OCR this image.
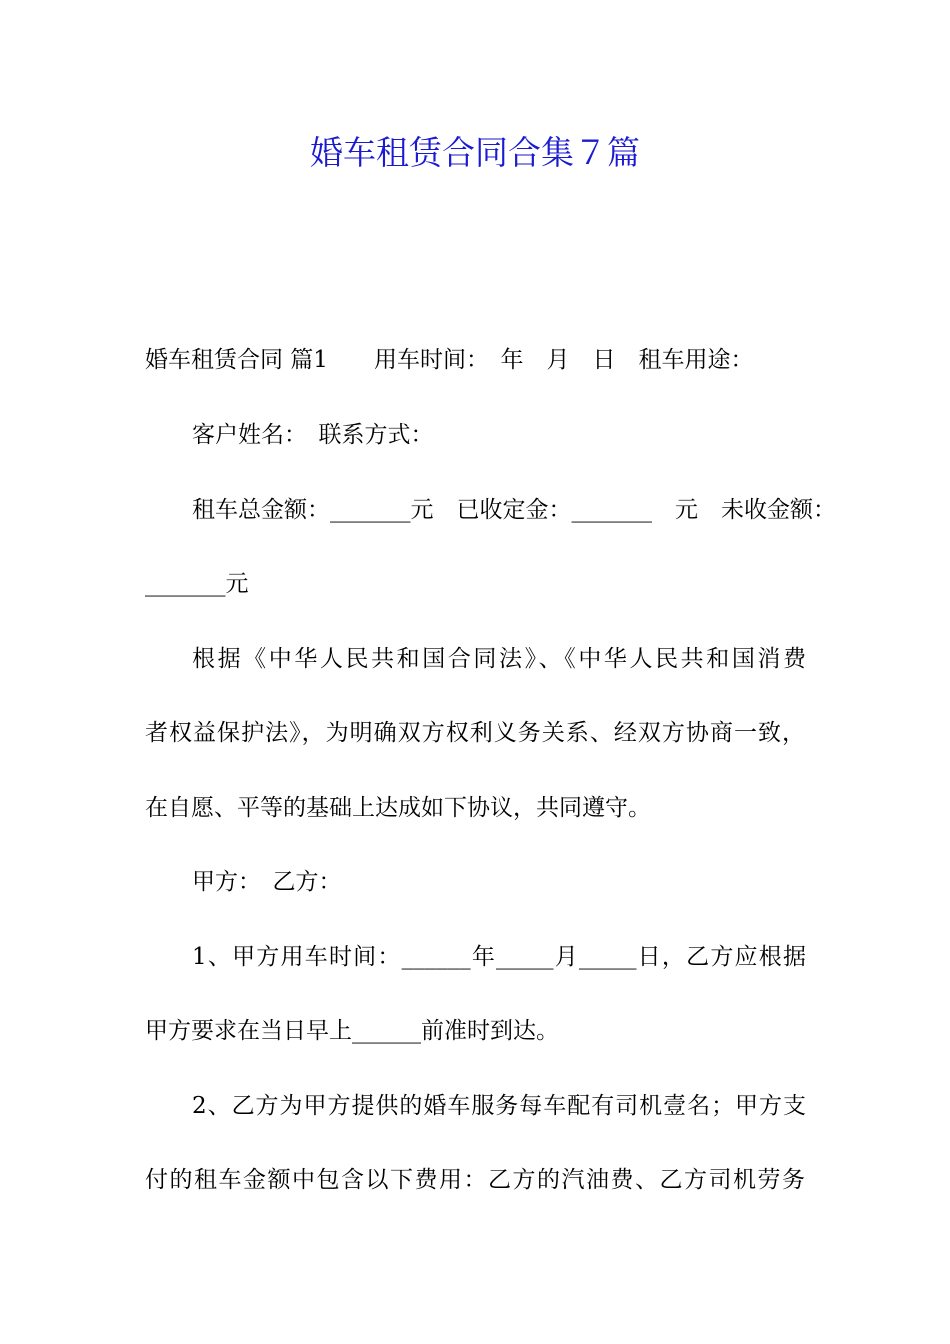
婚车租赁合同合集７篇

婚车租赁合同 篇1　　用车时间：　年　月　日　租车用途：

客户姓名：　联系方式：

租车总金额：_______元　已收定金：_______　元　未收金额：

_______元

根据《中华人民共和国合同法》、《中华人民共和国消费

者权益保护法》，为明确双方权利义务关系、经双方协商一致，

在自愿、平等的基础上达成如下协议，共同遵守。

甲方：　乙方：

1、甲方用车时间：______年_____月_____日，乙方应根据

甲方要求在当日早上______前准时到达。

2、乙方为甲方提供的婚车服务每车配有司机壹名；甲方支

付的租车金额中包含以下费用：乙方的汽油费、乙方司机劳务
